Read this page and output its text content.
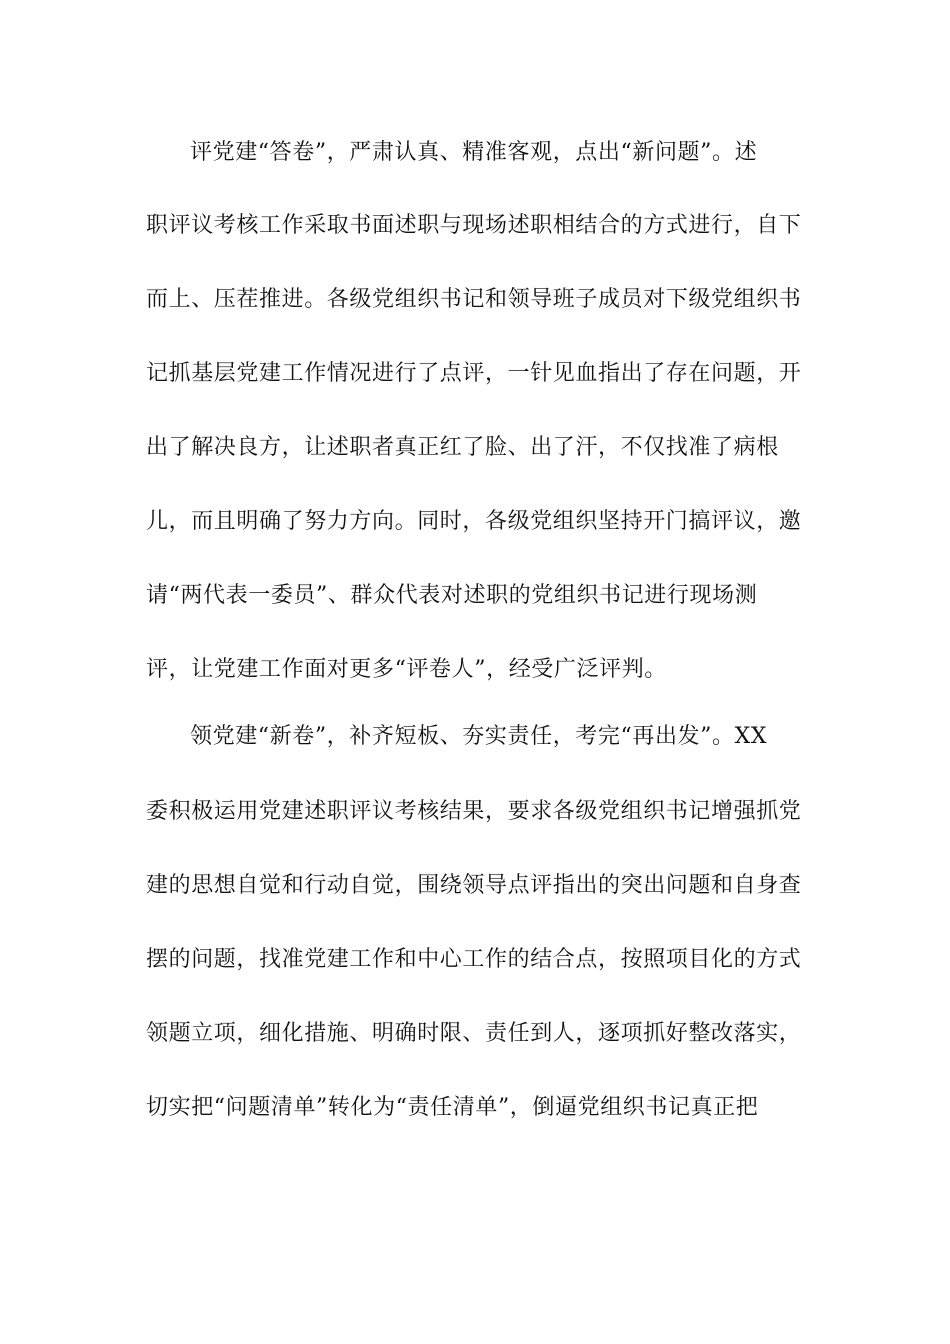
评党建“答卷”，严肃认真、精准客观，点出“新问题”。述
职评议考核工作采取书面述职与现场述职相结合的方式进行，自下
而上、压茬推进。各级党组织书记和领导班子成员对下级党组织书
记抓基层党建工作情况进行了点评，一针见血指出了存在问题，开
出了解决良方，让述职者真正红了脸、出了汗，不仅找准了病根
儿，而且明确了努力方向。同时，各级党组织坚持开门搞评议，邀
请“两代表一委员”、群众代表对述职的党组织书记进行现场测
评，让党建工作面对更多“评卷人”，经受广泛评判。
领党建“新卷”，补齐短板、夯实责任，考完“再出发”。XX
委积极运用党建述职评议考核结果，要求各级党组织书记增强抓党
建的思想自觉和行动自觉，围绕领导点评指出的突出问题和自身查
摆的问题，找准党建工作和中心工作的结合点，按照项目化的方式
领题立项，细化措施、明确时限、责任到人，逐项抓好整改落实，
切实把“问题清单”转化为“责任清单”，倒逼党组织书记真正把
